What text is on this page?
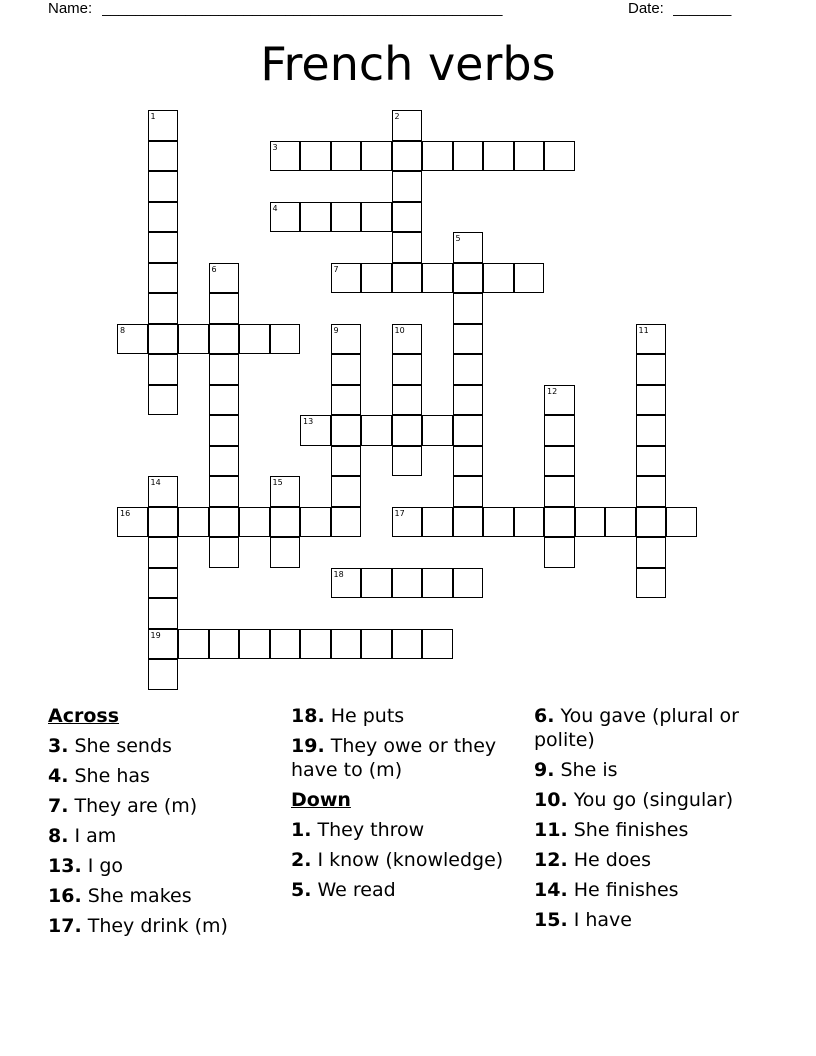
Name: ________________________________________________	Date: _______
French verbs
1	2
3
4
5
6	7
8	9	10	11
12
13
14	15
16	17
18
19
Across
3. She sends
4. She has
7. They are (m)
8. I am
13. I go
16. She makes
17. They drink (m)
18. He puts
19. They owe or they have to (m)
Down
1. They throw
2. I know (knowledge)
5. We read
6. You gave (plural or polite)
9. She is
10. You go (singular)
11. She finishes
12. He does
14. He finishes
15. I have
